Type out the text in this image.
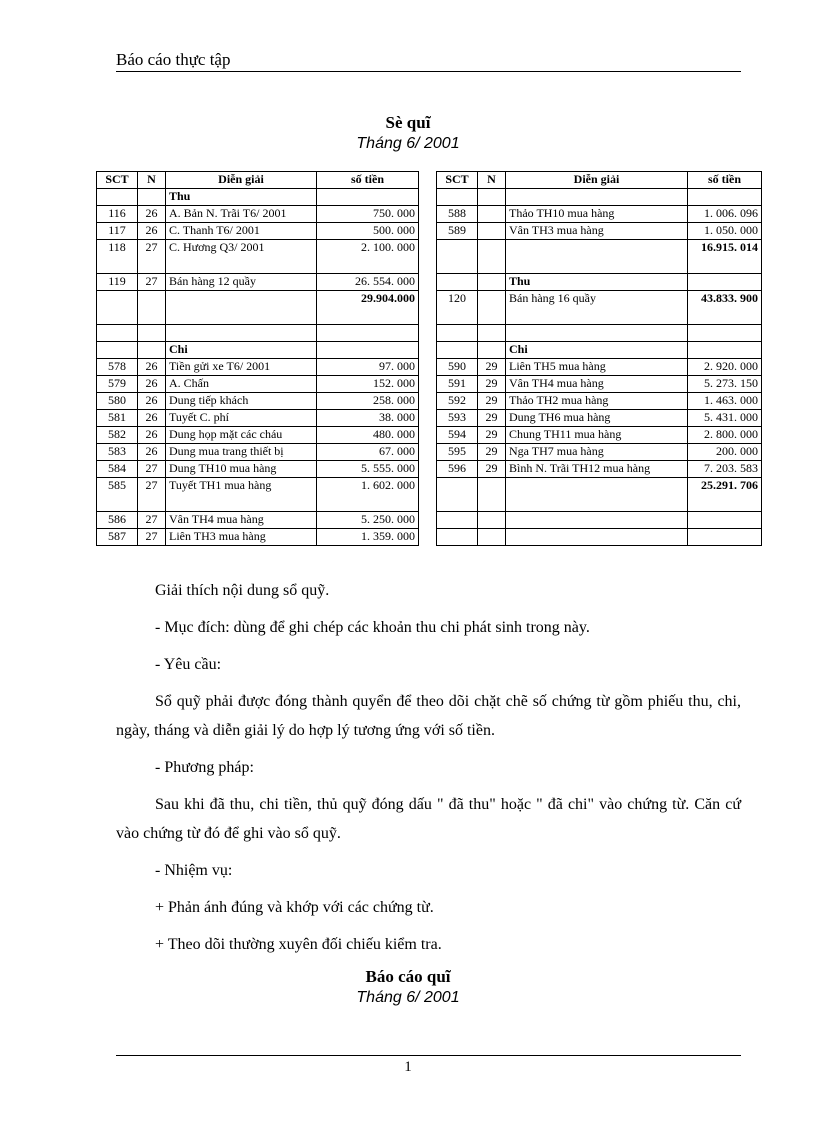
Báo cáo thực tập
Sè quĩ
Tháng 6/ 2001
SCT	N	Diễn giải	số tiền
		Thu	
116	26	A. Bản N. Trãi T6/ 2001	750. 000
117	26	C. Thanh T6/ 2001	500. 000
118	27	C. Hương Q3/ 2001	2. 100. 000
119	27	Bán hàng 12 quầy	26. 554. 000
			29.904.000

		Chi	
578	26	Tiền gửi xe T6/ 2001	97. 000
579	26	A. Chấn	152. 000
580	26	Dung tiếp khách	258. 000
581	26	Tuyết C. phí	38. 000
582	26	Dung họp mặt các cháu	480. 000
583	26	Dung mua trang thiết bị	67. 000
584	27	Dung TH10 mua hàng	5. 555. 000
585	27	Tuyết TH1 mua hàng	1. 602. 000
586	27	Vân TH4 mua hàng	5. 250. 000
587	27	Liên TH3 mua hàng	1. 359. 000
SCT	N	Diễn giải	số tiền

588		Thảo TH10 mua hàng	1. 006. 096
589		Vân TH3 mua hàng	1. 050. 000
			16.915. 014
		Thu	
120		Bán hàng 16 quầy	43.833. 900

		Chi	
590	29	Liên TH5 mua hàng	2. 920. 000
591	29	Vân TH4 mua hàng	5. 273. 150
592	29	Thảo TH2 mua hàng	1. 463. 000
593	29	Dung TH6 mua hàng	5. 431. 000
594	29	Chung TH11 mua hàng	2. 800. 000
595	29	Nga TH7 mua hàng	200. 000
596	29	Bình N. Trãi TH12 mua hàng	7. 203. 583
			25.291. 706

Giải thích nội dung sổ quỹ.

- Mục đích: dùng để ghi chép các khoản thu chi phát sinh trong này.

- Yêu cầu:

Sổ quỹ phải được đóng thành quyển để theo dõi chặt chẽ số chứng từ gồm phiếu thu, chi, ngày, tháng và diễn giải lý do hợp lý tương ứng với số tiền.

- Phương pháp:

Sau khi đã thu, chi tiền, thủ quỹ đóng dấu " đã thu" hoặc " đã chi" vào chứng từ. Căn cứ vào chứng từ đó để ghi vào sổ quỹ.

- Nhiệm vụ:

+ Phản ánh đúng và khớp với các chứng từ.

+ Theo dõi thường xuyên đối chiếu kiểm tra.

Báo cáo quĩ
Tháng 6/ 2001
1
